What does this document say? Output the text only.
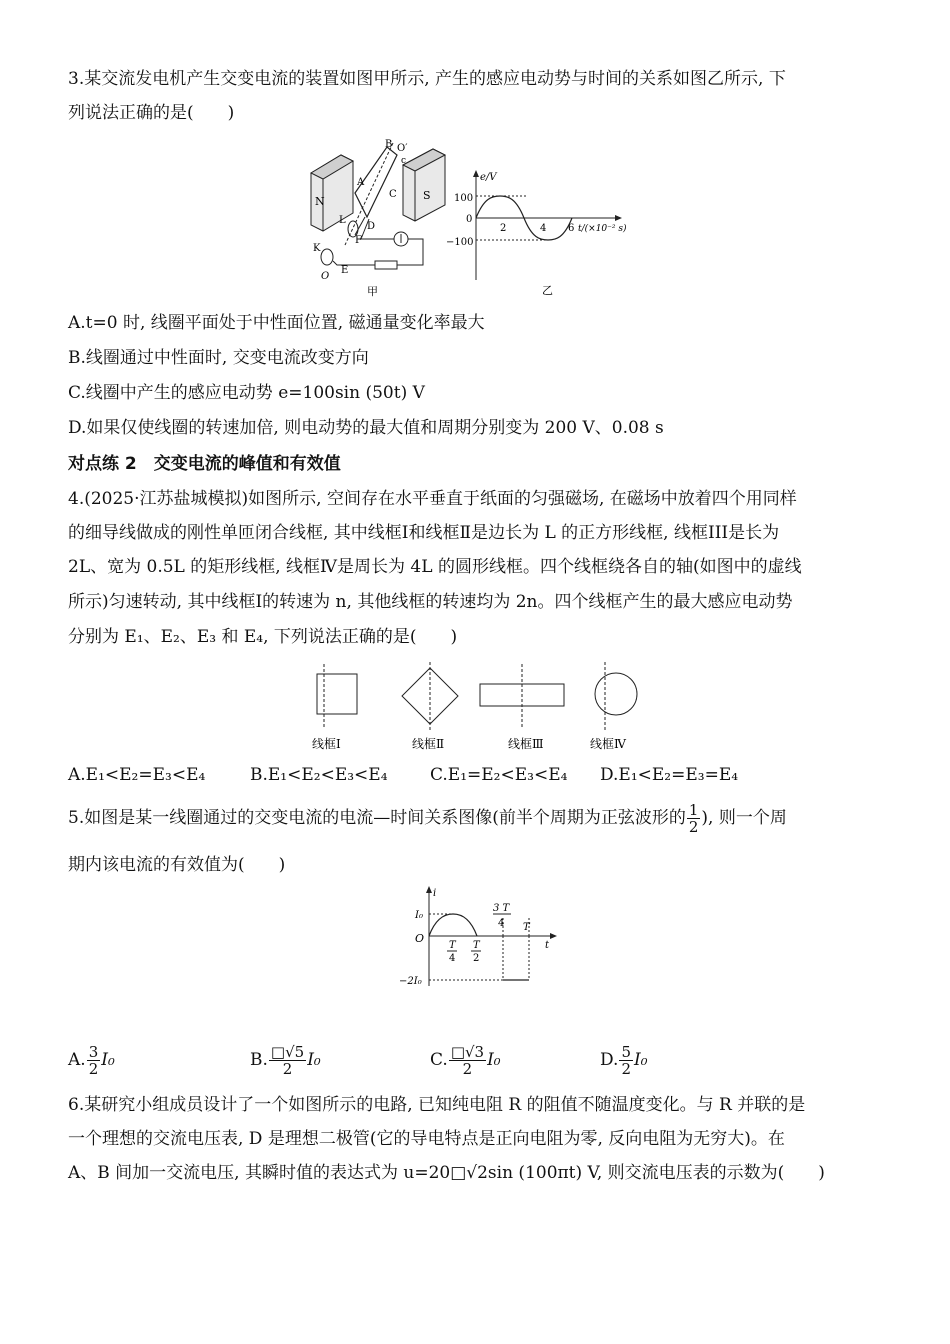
3.某交流发电机产生交变电流的装置如图甲所示, 产生的感应电动势与时间的关系如图乙所示, 下
列说法正确的是(　　)
N	S
B O′
c
A
C
L
D
F
K
O
E
甲
e/V
100
0
−100
2	4 6 t/(×10⁻² s)
乙
A.t=0 时, 线圈平面处于中性面位置, 磁通量变化率最大
B.线圈通过中性面时, 交变电流改变方向
C.线圈中产生的感应电动势 e=100sin (50t) V
D.如果仅使线圈的转速加倍, 则电动势的最大值和周期分别变为 200 V、0.08 s
对点练 2　交变电流的峰值和有效值
4.(2025·江苏盐城模拟)如图所示, 空间存在水平垂直于纸面的匀强磁场, 在磁场中放着四个用同样
的细导线做成的刚性单匝闭合线框, 其中线框Ⅰ和线框Ⅱ是边长为 L 的正方形线框, 线框III是长为
2L、宽为 0.5L 的矩形线框, 线框Ⅳ是周长为 4L 的圆形线框。四个线框绕各自的轴(如图中的虚线
所示)匀速转动, 其中线框Ⅰ的转速为 n, 其他线框的转速均为 2n。四个线框产生的最大感应电动势
分别为 E₁、E₂、E₃ 和 E₄, 下列说法正确的是(　　)
线框Ⅰ	线框Ⅱ	线框Ⅲ	线框Ⅳ
A.E₁<E₂=E₃<E₄	B.E₁<E₂<E₃<E₄ C.E₁=E₂<E₃<E₄ D.E₁<E₂=E₃=E₄
5.如图是某一线圈通过的交变电流的电流—时间关系图像(前半个周期为正弦波形的 $\frac{1}{2}$ ), 则一个周
期内该电流的有效值为(　　)
i
t
I₀
O
−2I₀
T
4
T
2
3 T
4 T
A. $\frac{3}{2} I_0$	B. $\frac{□√5}{2} I_0$	C. $\frac{□√3}{2} I_0$	D. $\frac{5}{2} I_0$
6.某研究小组成员设计了一个如图所示的电路, 已知纯电阻 R 的阻值不随温度变化。与 R 并联的是
一个理想的交流电压表, D 是理想二极管(它的导电特点是正向电阻为零, 反向电阻为无穷大)。在
A、B 间加一交流电压, 其瞬时值的表达式为 u=20□√2sin (100πt) V, 则交流电压表的示数为(　　)
